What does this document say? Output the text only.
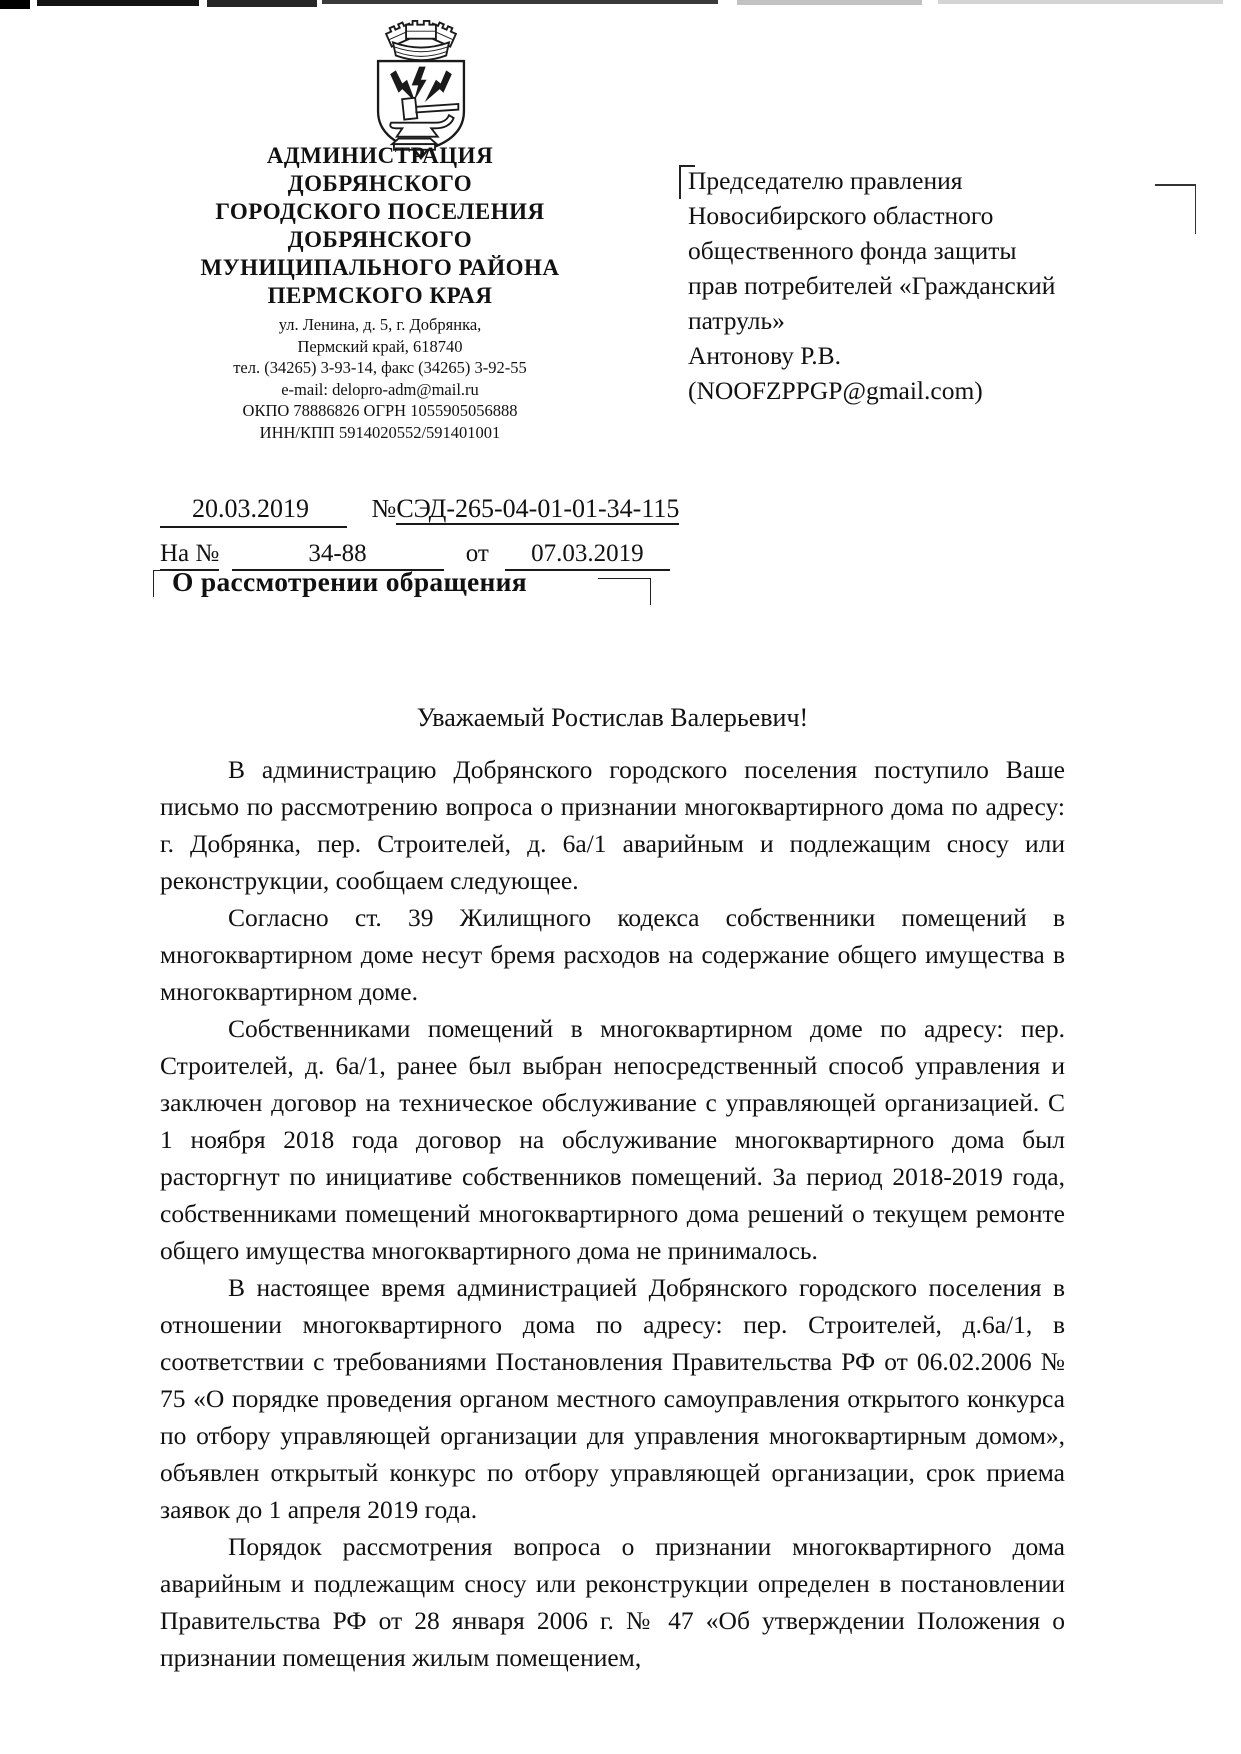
АДМИНИСТРАЦИЯ
ДОБРЯНСКОГО
ГОРОДСКОГО ПОСЕЛЕНИЯ
ДОБРЯНСКОГО
МУНИЦИПАЛЬНОГО РАЙОНА
ПЕРМСКОГО КРАЯ
ул. Ленина, д. 5, г. Добрянка,
Пермский край, 618740
тел. (34265) 3-93-14, факс (34265) 3-92-55
e-mail: delopro-adm@mail.ru
ОКПО 78886826 ОГРН 1055905056888
ИНН/КПП 5914020552/591401001
Председателю правления
Новосибирского областного
общественного фонда защиты
прав потребителей «Гражданский
патруль»
Антонову Р.В.
(NOOFZPPGP@gmail.com)
20.03.2019 №СЭД-265-04-01-01-34-115
На №	34-88	от 07.03.2019
О рассмотрении обращения
Уважаемый Ростислав Валерьевич!

В администрацию Добрянского городского поселения поступило Ваше письмо по рассмотрению вопроса о признании многоквартирного дома по адресу: г. Добрянка, пер. Строителей, д. 6а/1 аварийным и подлежащим сносу или реконструкции, сообщаем следующее.

Согласно ст. 39 Жилищного кодекса собственники помещений в многоквартирном доме несут бремя расходов на содержание общего имущества в многоквартирном доме.

Собственниками помещений в многоквартирном доме по адресу: пер. Строителей, д. 6а/1, ранее был выбран непосредственный способ управления и заключен договор на техническое обслуживание с управляющей организацией. С 1 ноября 2018 года договор на обслуживание многоквартирного дома был расторгнут по инициативе собственников помещений. За период 2018-2019 года, собственниками помещений многоквартирного дома решений о текущем ремонте общего имущества многоквартирного дома не принималось.

В настоящее время администрацией Добрянского городского поселения в отношении многоквартирного дома по адресу: пер. Строителей, д.6а/1, в соответствии с требованиями Постановления Правительства РФ от 06.02.2006 № 75 «О порядке проведения органом местного самоуправления открытого конкурса по отбору управляющей организации для управления многоквартирным домом», объявлен открытый конкурс по отбору управляющей организации, срок приема заявок до 1 апреля 2019 года.

Порядок рассмотрения вопроса о признании многоквартирного дома аварийным и подлежащим сносу или реконструкции определен в постановлении Правительства РФ от 28 января 2006 г. № 47 «Об утверждении Положения о признании помещения жилым помещением,
